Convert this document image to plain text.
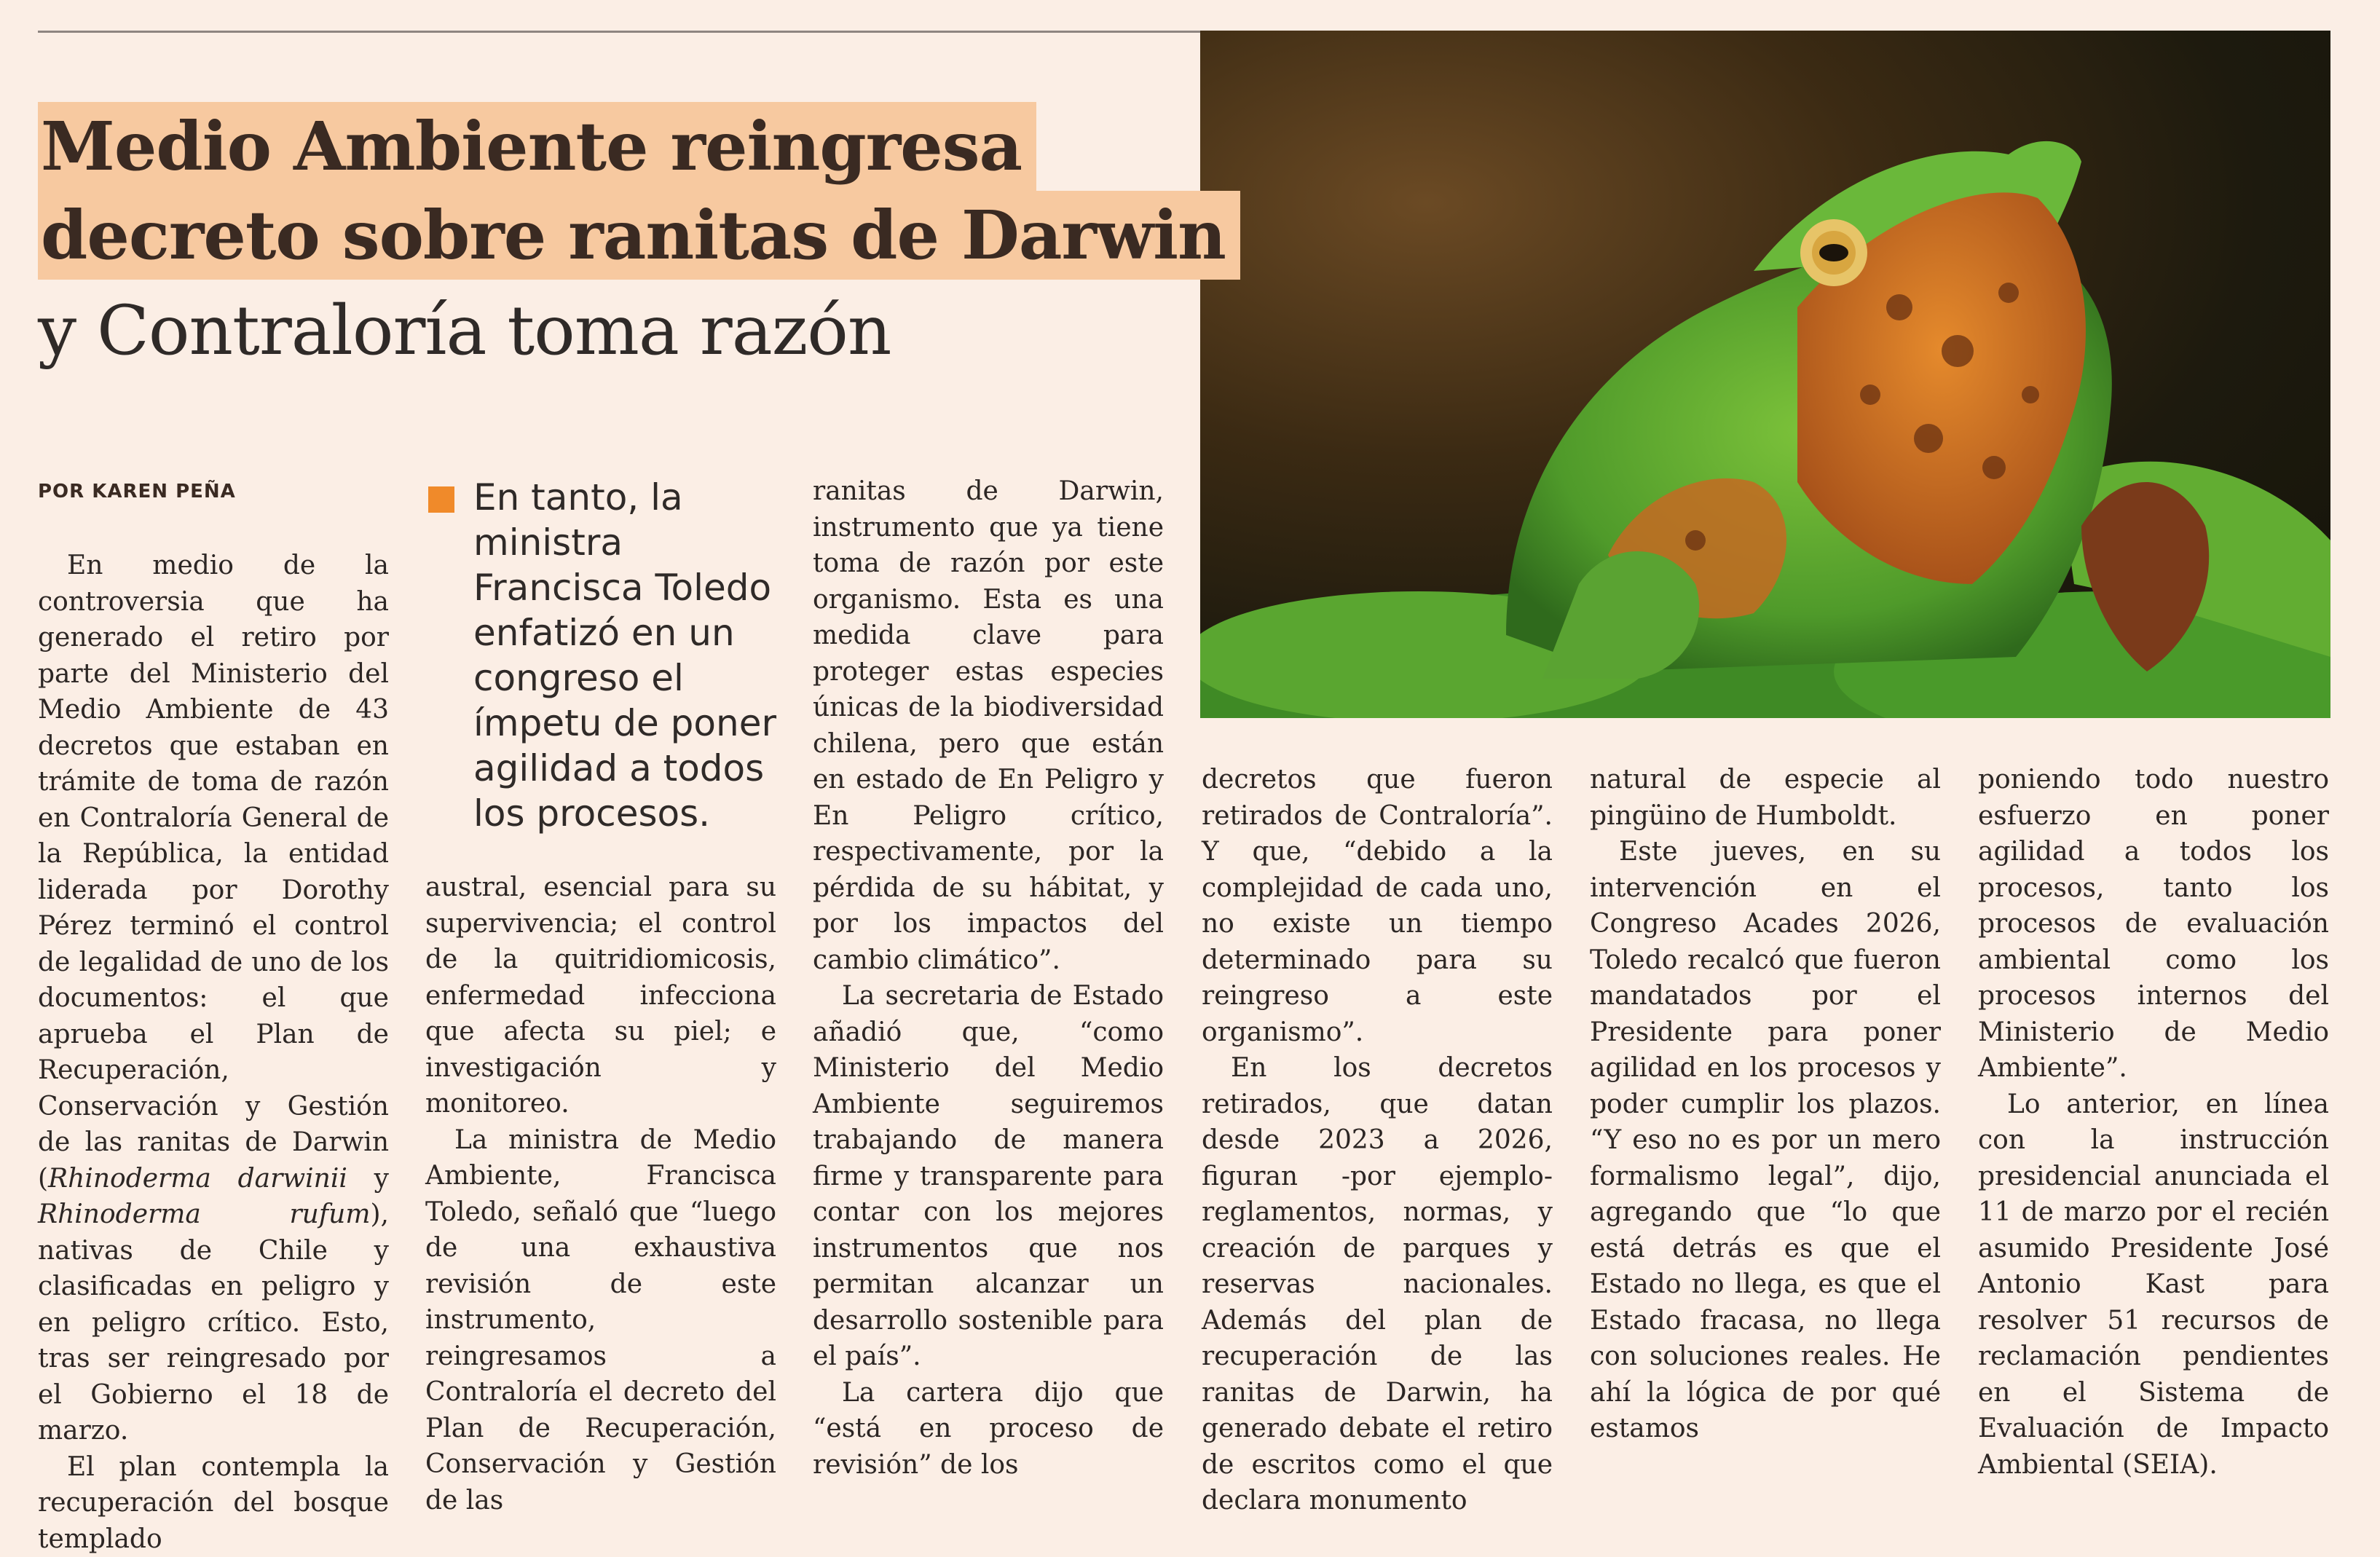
Medio Ambiente reingresa
decreto sobre ranitas de Darwin
y Contraloría toma razón
POR KAREN PEÑA

En medio de la controversia que ha generado el retiro por parte del Ministerio del Medio Ambiente de 43 decretos que estaban en trámite de toma de razón en Contraloría General de la República, la entidad liderada por Dorothy Pérez terminó el control de legalidad de uno de los documentos: el que aprueba el Plan de Recuperación, Conservación y Gestión de las ranitas de Darwin (Rhinoderma darwinii y Rhinoderma rufum), nativas de Chile y clasificadas en peligro y en peligro crítico. Esto, tras ser reingresado por el Gobierno el 18 de marzo.

El plan contempla la recuperación del bosque templado

En tanto, la ministra Francisca Toledo enfatizó en un congreso el ímpetu de poner agilidad a todos los procesos.

austral, esencial para su supervivencia; el control de la quitridiomicosis, enfermedad infecciona que afecta su piel; e investigación y monitoreo.

La ministra de Medio Ambiente, Francisca Toledo, señaló que “luego de una exhaustiva revisión de este instrumento, reingresamos a Contraloría el decreto del Plan de Recuperación, Conservación y Gestión de las

ranitas de Darwin, instrumento que ya tiene toma de razón por este organismo. Esta es una medida clave para proteger estas especies únicas de la biodiversidad chilena, pero que están en estado de En Peligro y En Peligro crítico, respectivamente, por la pérdida de su hábitat, y por los impactos del cambio climático”.

La secretaria de Estado añadió que, “como Ministerio del Medio Ambiente seguiremos trabajando de manera firme y transparente para contar con los mejores instrumentos que nos permitan alcanzar un desarrollo sostenible para el país”.

La cartera dijo que “está en proceso de revisión” de los

decretos que fueron retirados de Contraloría”. Y que, “debido a la complejidad de cada uno, no existe un tiempo determinado para su reingreso a este organismo”.

En los decretos retirados, que datan desde 2023 a 2026, figuran -por ejemplo- reglamentos, normas, y creación de parques y reservas nacionales. Además del plan de recuperación de las ranitas de Darwin, ha generado debate el retiro de escritos como el que declara monumento

natural de especie al pingüino de Humboldt.

Este jueves, en su intervención en el Congreso Acades 2026, Toledo recalcó que fueron mandatados por el Presidente para poner agilidad en los procesos y poder cumplir los plazos. “Y eso no es por un mero formalismo legal”, dijo, agregando que “lo que está detrás es que el Estado no llega, es que el Estado fracasa, no llega con soluciones reales. He ahí la lógica de por qué estamos

poniendo todo nuestro esfuerzo en poner agilidad a todos los procesos, tanto los procesos de evaluación ambiental como los procesos internos del Ministerio de Medio Ambiente”.

Lo anterior, en línea con la instrucción presidencial anunciada el 11 de marzo por el recién asumido Presidente José Antonio Kast para resolver 51 recursos de reclamación pendientes en el Sistema de Evaluación de Impacto Ambiental (SEIA).
